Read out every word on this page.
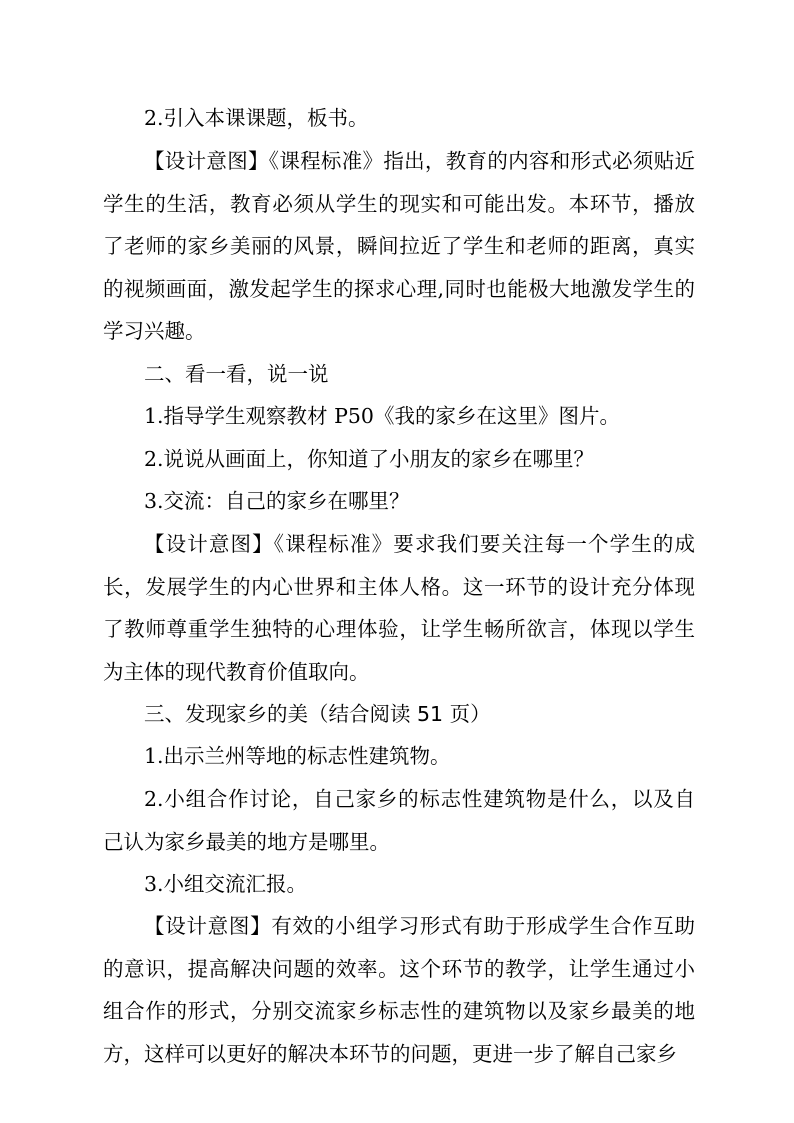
2.引入本课课题，板书。

【设计意图】《课程标准》指出，教育的内容和形式必须贴近学生的生活，教育必须从学生的现实和可能出发。本环节，播放了老师的家乡美丽的风景，瞬间拉近了学生和老师的距离，真实的视频画面，激发起学生的探求心理,同时也能极大地激发学生的学习兴趣。

二、看一看，说一说

1.指导学生观察教材 P50《我的家乡在这里》图片。

2.说说从画面上，你知道了小朋友的家乡在哪里？

3.交流：自己的家乡在哪里？

【设计意图】《课程标准》要求我们要关注每一个学生的成长，发展学生的内心世界和主体人格。这一环节的设计充分体现了教师尊重学生独特的心理体验，让学生畅所欲言，体现以学生为主体的现代教育价值取向。

三、发现家乡的美（结合阅读 51 页）

1.出示兰州等地的标志性建筑物。

2.小组合作讨论，自己家乡的标志性建筑物是什么，以及自己认为家乡最美的地方是哪里。

3.小组交流汇报。

【设计意图】有效的小组学习形式有助于形成学生合作互助的意识，提高解决问题的效率。这个环节的教学，让学生通过小组合作的形式，分别交流家乡标志性的建筑物以及家乡最美的地方，这样可以更好的解决本环节的问题，更进一步了解自己家乡
